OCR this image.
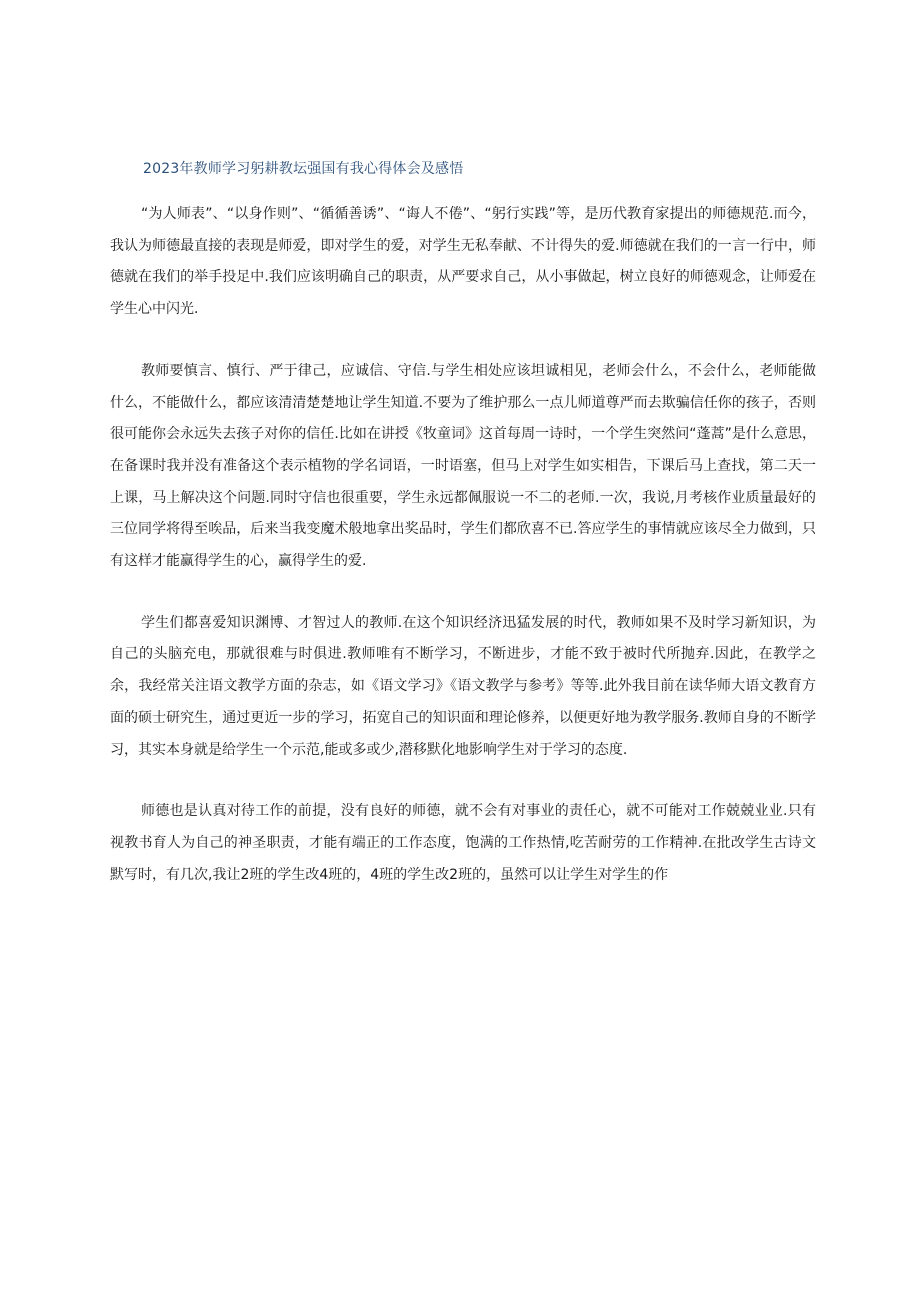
2023年教师学习躬耕教坛强国有我心得体会及感悟

“为人师表”、“以身作则”、“循循善诱”、“诲人不倦”、“躬行实践”等，是历代教育家提出的师德规范.而今，我认为师德最直接的表现是师爱，即对学生的爱，对学生无私奉献、不计得失的爱.师德就在我们的一言一行中，师德就在我们的举手投足中.我们应该明确自己的职责，从严要求自己，从小事做起，树立良好的师德观念，让师爱在学生心中闪光.

教师要慎言、慎行、严于律己，应诚信、守信.与学生相处应该坦诚相见，老师会什么，不会什么，老师能做什么，不能做什么，都应该清清楚楚地让学生知道.不要为了维护那么一点儿师道尊严而去欺骗信任你的孩子，否则很可能你会永远失去孩子对你的信任.比如在讲授《牧童词》这首每周一诗时，一个学生突然问“蓬蒿”是什么意思，在备课时我并没有准备这个表示植物的学名词语，一时语塞，但马上对学生如实相告，下课后马上查找，第二天一上课，马上解决这个问题.同时守信也很重要，学生永远都佩服说一不二的老师.一次，我说,月考核作业质量最好的三位同学将得至唉品，后来当我变魔术般地拿出奖品时，学生们都欣喜不已.答应学生的事情就应该尽全力做到，只有这样才能赢得学生的心，赢得学生的爱.

学生们都喜爱知识渊博、才智过人的教师.在这个知识经济迅猛发展的时代，教师如果不及时学习新知识，为自己的头脑充电，那就很难与时俱进.教师唯有不断学习，不断进步，才能不致于被时代所抛弃.因此，在教学之余，我经常关注语文教学方面的杂志，如《语文学习》《语文教学与参考》等等.此外我目前在读华师大语文教育方面的硕士研究生，通过更近一步的学习，拓宽自己的知识面和理论修养，以便更好地为教学服务.教师自身的不断学习，其实本身就是给学生一个示范,能或多或少,潜移默化地影响学生对于学习的态度.

师德也是认真对待工作的前提，没有良好的师德，就不会有对事业的责任心，就不可能对工作兢兢业业.只有视教书育人为自己的神圣职责，才能有端正的工作态度，饱满的工作热情,吃苦耐劳的工作精神.在批改学生古诗文默写时，有几次,我让2班的学生改4班的，4班的学生改2班的，虽然可以让学生对学生的作
